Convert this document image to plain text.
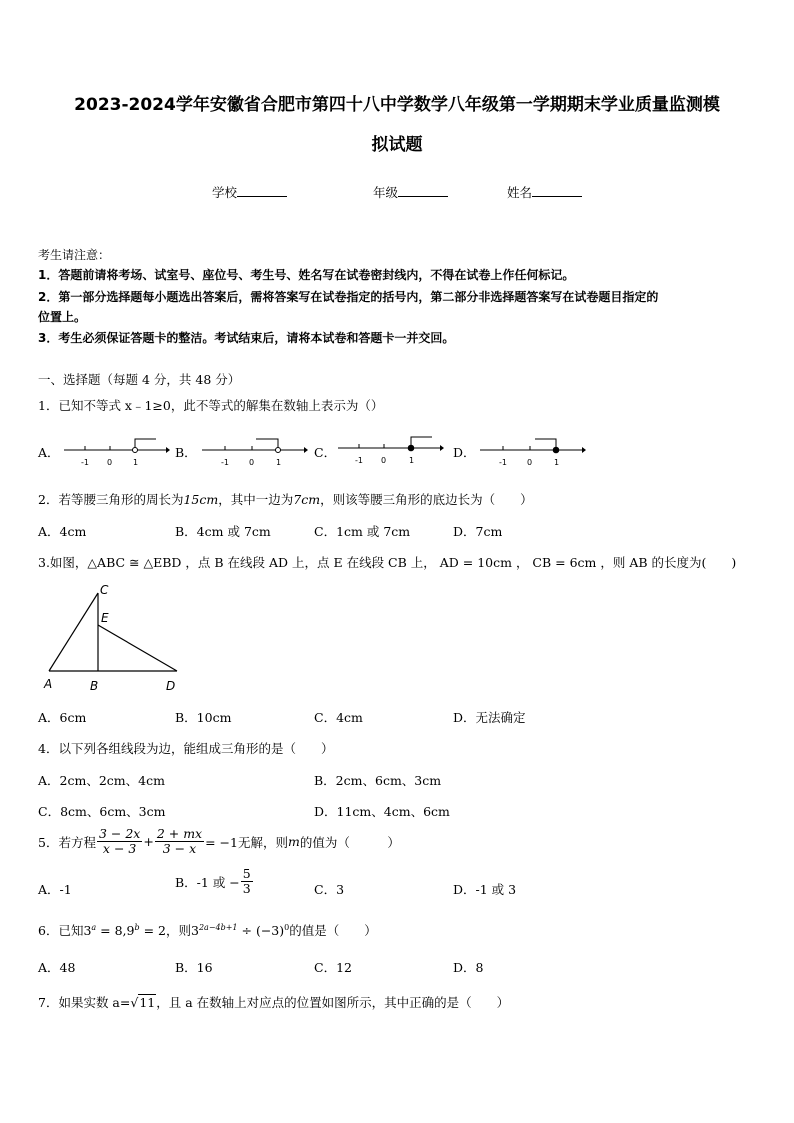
2023-2024学年安徽省合肥市第四十八中学数学八年级第一学期期末学业质量监测模
拟试题
学校	年级	姓名
考生请注意：
1．答题前请将考场、试室号、座位号、考生号、姓名写在试卷密封线内，不得在试卷上作任何标记。
2．第一部分选择题每小题选出答案后，需将答案写在试卷指定的括号内，第二部分非选择题答案写在试卷题目指定的
位置上。
3．考生必须保证答题卡的整洁。考试结束后，请将本试卷和答题卡一并交回。
一、选择题（每题 4 分，共 48 分）
1．已知不等式 x﹣1≥0，此不等式的解集在数轴上表示为（）
A．
-1 0	1
B．
-1	0	1
C．
-1 0	1
D．
-1	0	1
2．若等腰三角形的周长为15cm，其中一边为7cm，则该等腰三角形的底边长为（　　）
A．4cm	B．4cm 或 7cm	C．1cm 或 7cm	D．7cm
3.如图，△ABC ≅ △EBD ，点 B 在线段 AD 上，点 E 在线段 CB 上， AD = 10cm ， CB = 6cm ，则 AB 的长度为(　　)
C
E
A	B	D
A．6cm	B．10cm	C．4cm	D．无法确定
4．以下列各组线段为边，能组成三角形的是（　　）
A．2cm、2cm、4cm	B．2cm、6cm、3cm
C．8cm、6cm、3cm	D．11cm、4cm、6cm
5．若方程 $\frac{3 - 2x}{x - 3} + \frac{2 + mx}{3 - x} = -1$无解，则 m 的值为（　　　）
A．-1	B．-1 或 − $\frac{5}{3}$	C．3	D．-1 或 3
6．已知$3^a = 8,9^b = 2$，则$3^{2a-4b+1} \div (-3)^0$的值是（　　）
A．48	B．16	C．12	D．8
7．如果实数 a=√11，且 a 在数轴上对应点的位置如图所示，其中正确的是（　　）
